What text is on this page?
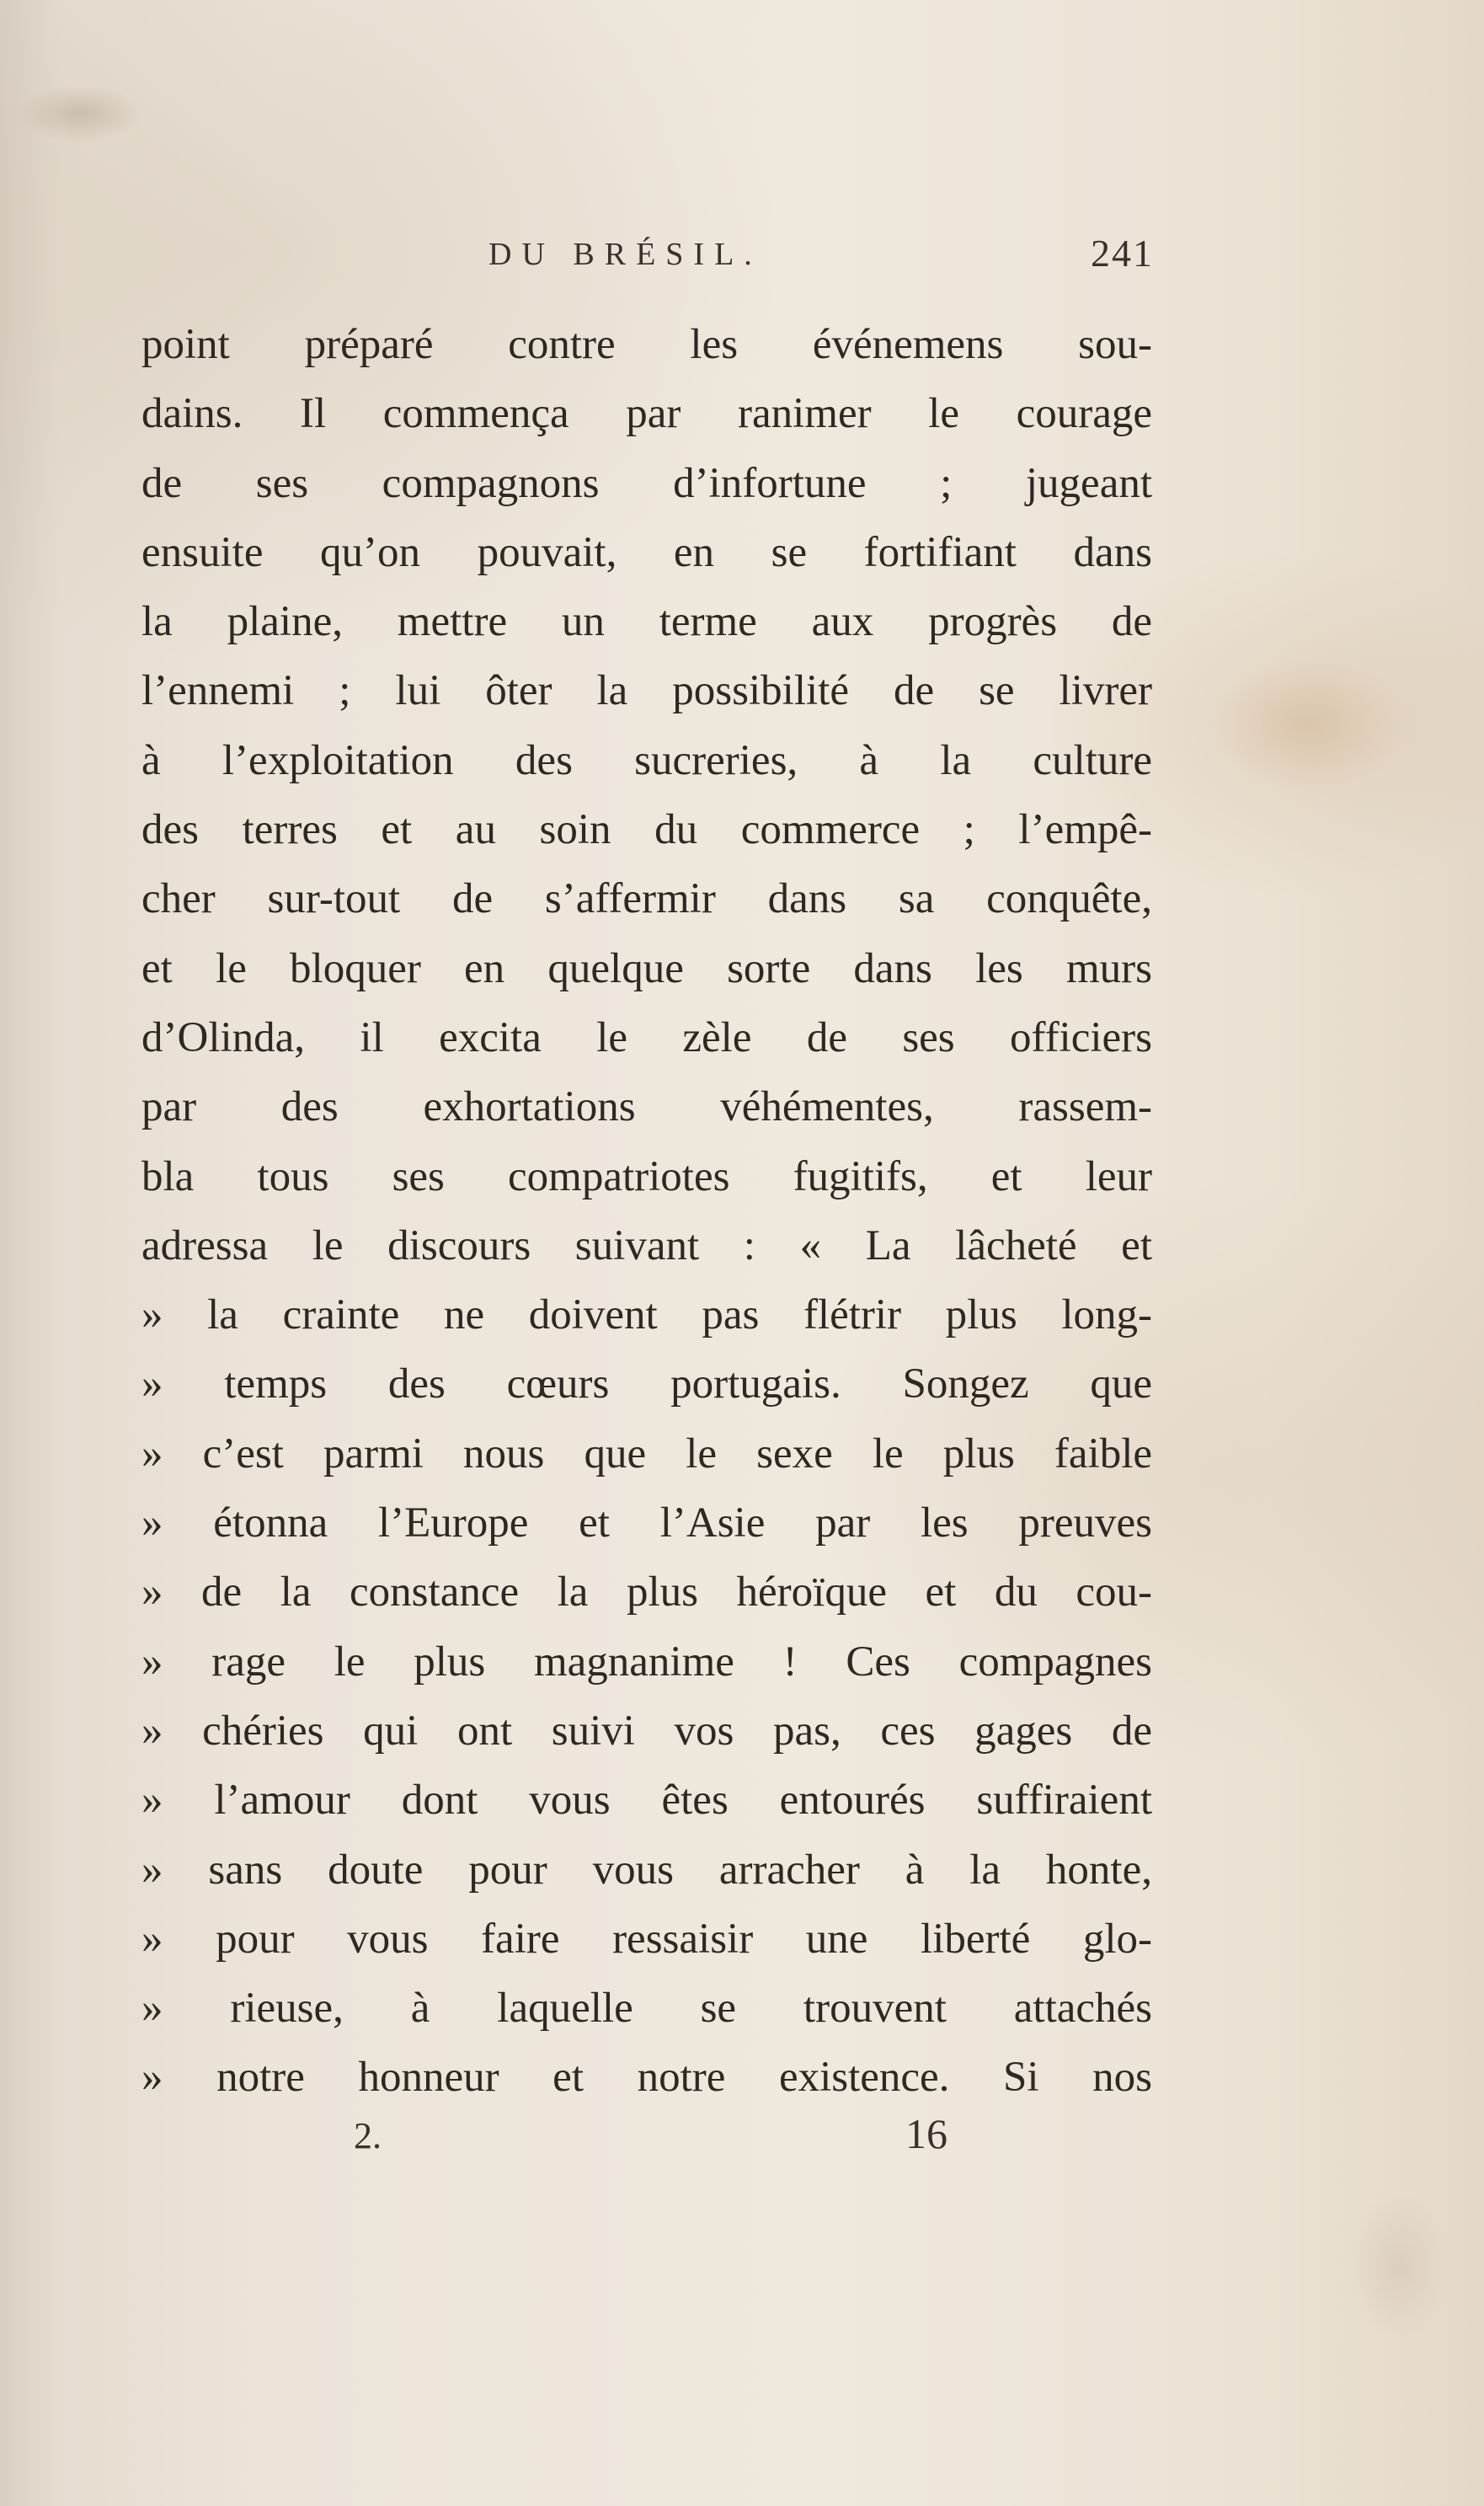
DU BRÉSIL.	241
point préparé contre les événemens sou-
dains. Il commença par ranimer le courage
de ses compagnons d’infortune ; jugeant
ensuite qu’on pouvait, en se fortifiant dans
la plaine, mettre un terme aux progrès de
l’ennemi ; lui ôter la possibilité de se livrer
à l’exploitation des sucreries, à la culture
des terres et au soin du commerce ; l’empê-
cher sur-tout de s’affermir dans sa conquête,
et le bloquer en quelque sorte dans les murs
d’Olinda, il excita le zèle de ses officiers
par des exhortations véhémentes, rassem-
bla tous ses compatriotes fugitifs, et leur
adressa le discours suivant : « La lâcheté et
» la crainte ne doivent pas flétrir plus long-
» temps des cœurs portugais. Songez que
» c’est parmi nous que le sexe le plus faible
» étonna l’Europe et l’Asie par les preuves
» de la constance la plus héroïque et du cou-
» rage le plus magnanime ! Ces compagnes
» chéries qui ont suivi vos pas, ces gages de
» l’amour dont vous êtes entourés suffiraient
» sans doute pour vous arracher à la honte,
» pour vous faire ressaisir une liberté glo-
» rieuse, à laquelle se trouvent attachés
» notre honneur et notre existence. Si nos
2.	16
